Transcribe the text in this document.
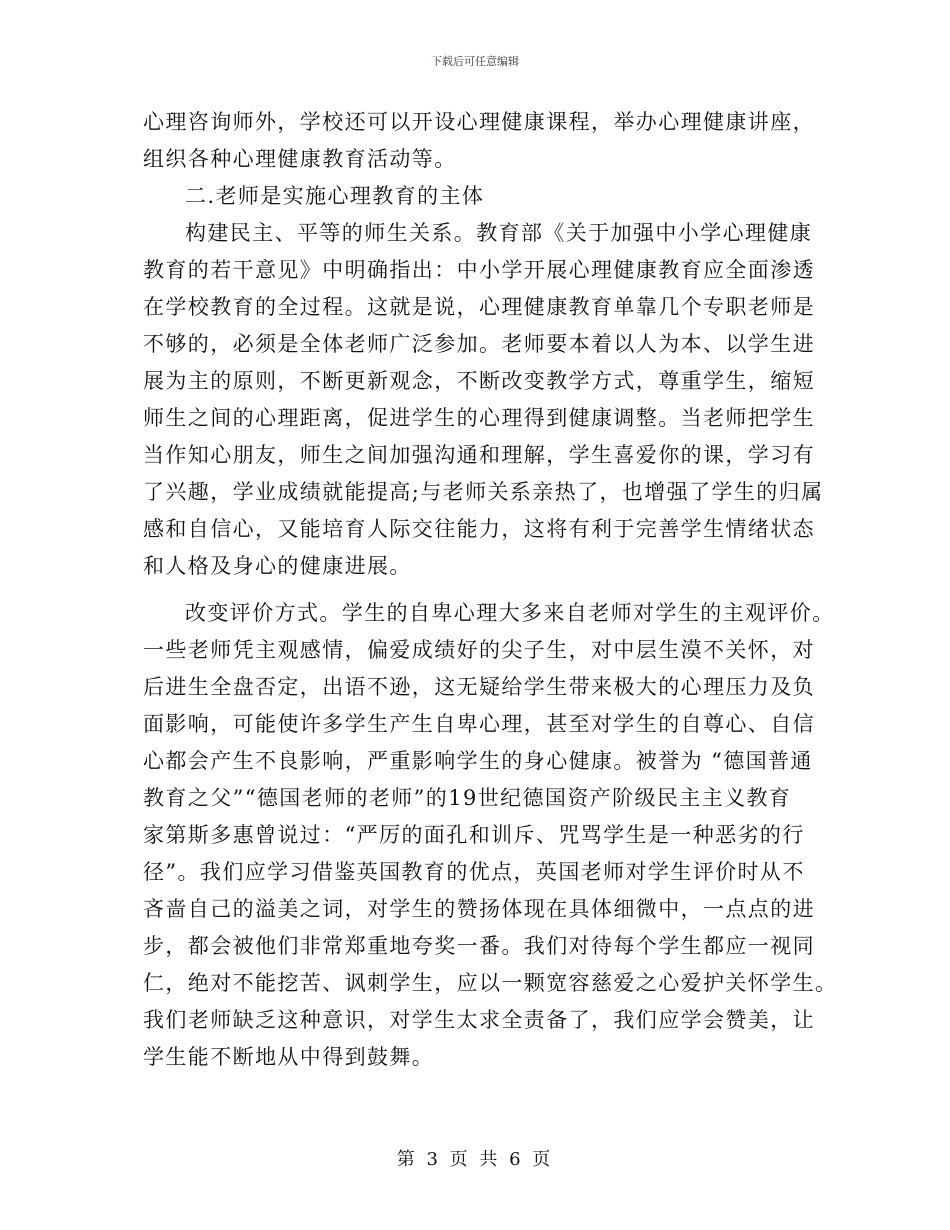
下载后可任意编辑
心理咨询师外，学校还可以开设心理健康课程，举办心理健康讲座，
组织各种心理健康教育活动等。
二.老师是实施心理教育的主体
构建民主、平等的师生关系。教育部《关于加强中小学心理健康
教育的若干意见》中明确指出：中小学开展心理健康教育应全面渗透
在学校教育的全过程。这就是说，心理健康教育单靠几个专职老师是
不够的，必须是全体老师广泛参加。老师要本着以人为本、以学生进
展为主的原则，不断更新观念，不断改变教学方式，尊重学生，缩短
师生之间的心理距离，促进学生的心理得到健康调整。当老师把学生
当作知心朋友，师生之间加强沟通和理解，学生喜爱你的课，学习有
了兴趣，学业成绩就能提高;与老师关系亲热了，也增强了学生的归属
感和自信心，又能培育人际交往能力，这将有利于完善学生情绪状态
和人格及身心的健康进展。
改变评价方式。学生的自卑心理大多来自老师对学生的主观评价。
一些老师凭主观感情，偏爱成绩好的尖子生，对中层生漠不关怀，对
后进生全盘否定，出语不逊，这无疑给学生带来极大的心理压力及负
面影响，可能使许多学生产生自卑心理，甚至对学生的自尊心、自信
心都会产生不良影响，严重影响学生的身心健康。被誉为 “德国普通
教育之父”“德国老师的老师”的19世纪德国资产阶级民主主义教育
家第斯多惠曾说过：“严厉的面孔和训斥、咒骂学生是一种恶劣的行
径”。我们应学习借鉴英国教育的优点，英国老师对学生评价时从不
吝啬自己的溢美之词，对学生的赞扬体现在具体细微中，一点点的进
步，都会被他们非常郑重地夸奖一番。我们对待每个学生都应一视同
仁，绝对不能挖苦、讽刺学生，应以一颗宽容慈爱之心爱护关怀学生。
我们老师缺乏这种意识，对学生太求全责备了，我们应学会赞美，让
学生能不断地从中得到鼓舞。
第 3 页 共 6 页
